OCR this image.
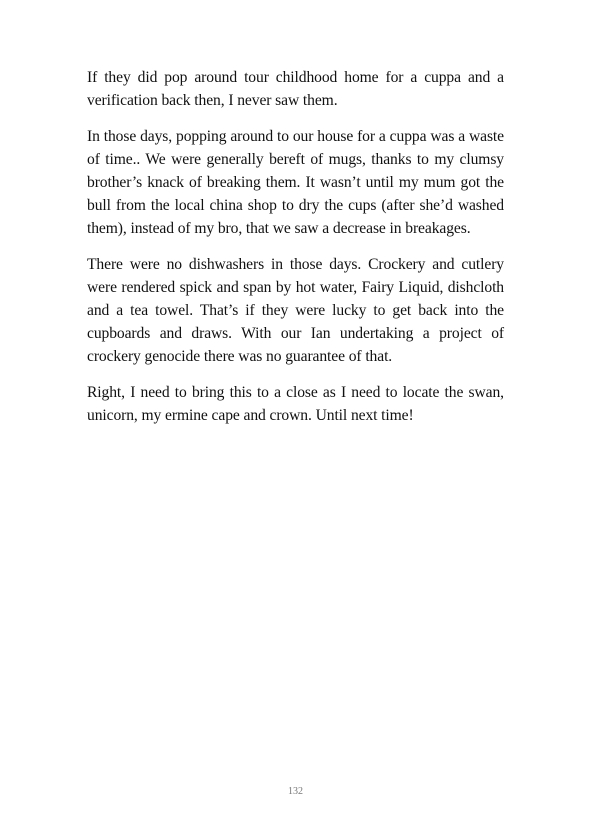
If they did pop around tour childhood home for a cuppa and a verification back then, I never saw them.

In those days, popping around to our house for a cuppa was a waste of time.. We were generally bereft of mugs, thanks to my clumsy brother’s knack of breaking them. It wasn’t until my mum got the bull from the local china shop to dry the cups (after she’d washed them), instead of my bro, that we saw a decrease in breakages.

There were no dishwashers in those days. Crockery and cutlery were rendered spick and span by hot water, Fairy Liquid, dishcloth and a tea towel. That’s if they were lucky to get back into the cupboards and draws. With our Ian undertaking a project of crockery genocide there was no guarantee of that.

Right, I need to bring this to a close as I need to locate the swan, unicorn, my ermine cape and crown. Until next time!

132
